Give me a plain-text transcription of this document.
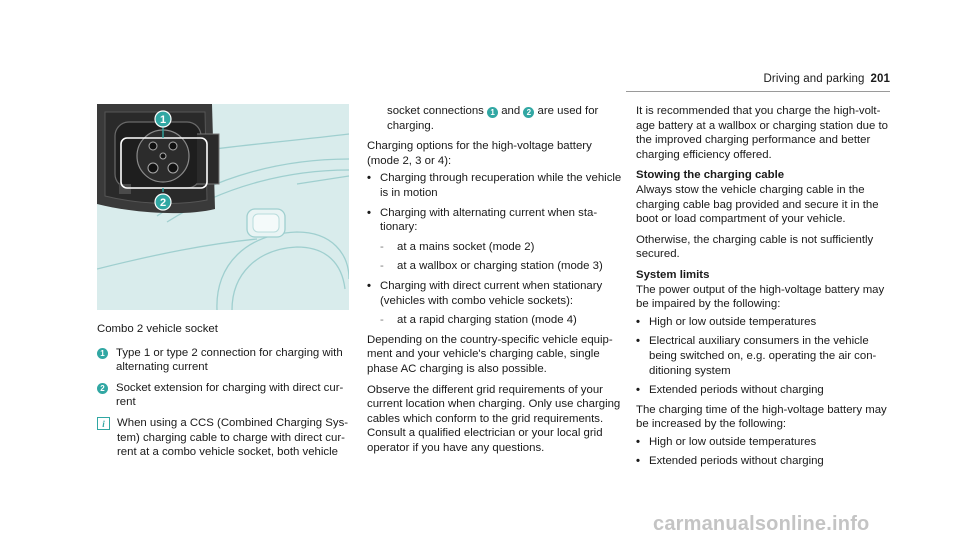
Driving and parking 201
1
2

Combo 2 vehicle socket

1 Type 1 or type 2 connection for charging with alternating current
2 Socket extension for charging with direct current
i When using a CCS (Combined Charging System) charging cable to charge with direct current at a combo vehicle socket, both vehicle

socket connections 1 and 2 are used for charging.

Charging options for the high-voltage battery (mode 2, 3 or 4):

• Charging through recuperation while the vehicle is in motion
• Charging with alternating current when stationary:
-	at a mains socket (mode 2)
-	at a wallbox or charging station (mode 3)
• Charging with direct current when stationary (vehicles with combo vehicle sockets):
-	at a rapid charging station (mode 4)

Depending on the country-specific vehicle equipment and your vehicle's charging cable, single phase AC charging is also possible.

Observe the different grid requirements of your current location when charging. Only use charging cables which conform to the grid requirements. Consult a qualified electrician or your local grid operator if you have any questions.

It is recommended that you charge the high-voltage battery at a wallbox or charging station due to the improved charging performance and better charging efficiency offered.

Stowing the charging cable

Always stow the vehicle charging cable in the charging cable bag provided and secure it in the boot or load compartment of your vehicle.

Otherwise, the charging cable is not sufficiently secured.

System limits

The power output of the high-voltage battery may be impaired by the following:

• High or low outside temperatures
• Electrical auxiliary consumers in the vehicle being switched on, e.g. operating the air conditioning system
• Extended periods without charging

The charging time of the high-voltage battery may be increased by the following:

• High or low outside temperatures
• Extended periods without charging
carmanualsonline.info
